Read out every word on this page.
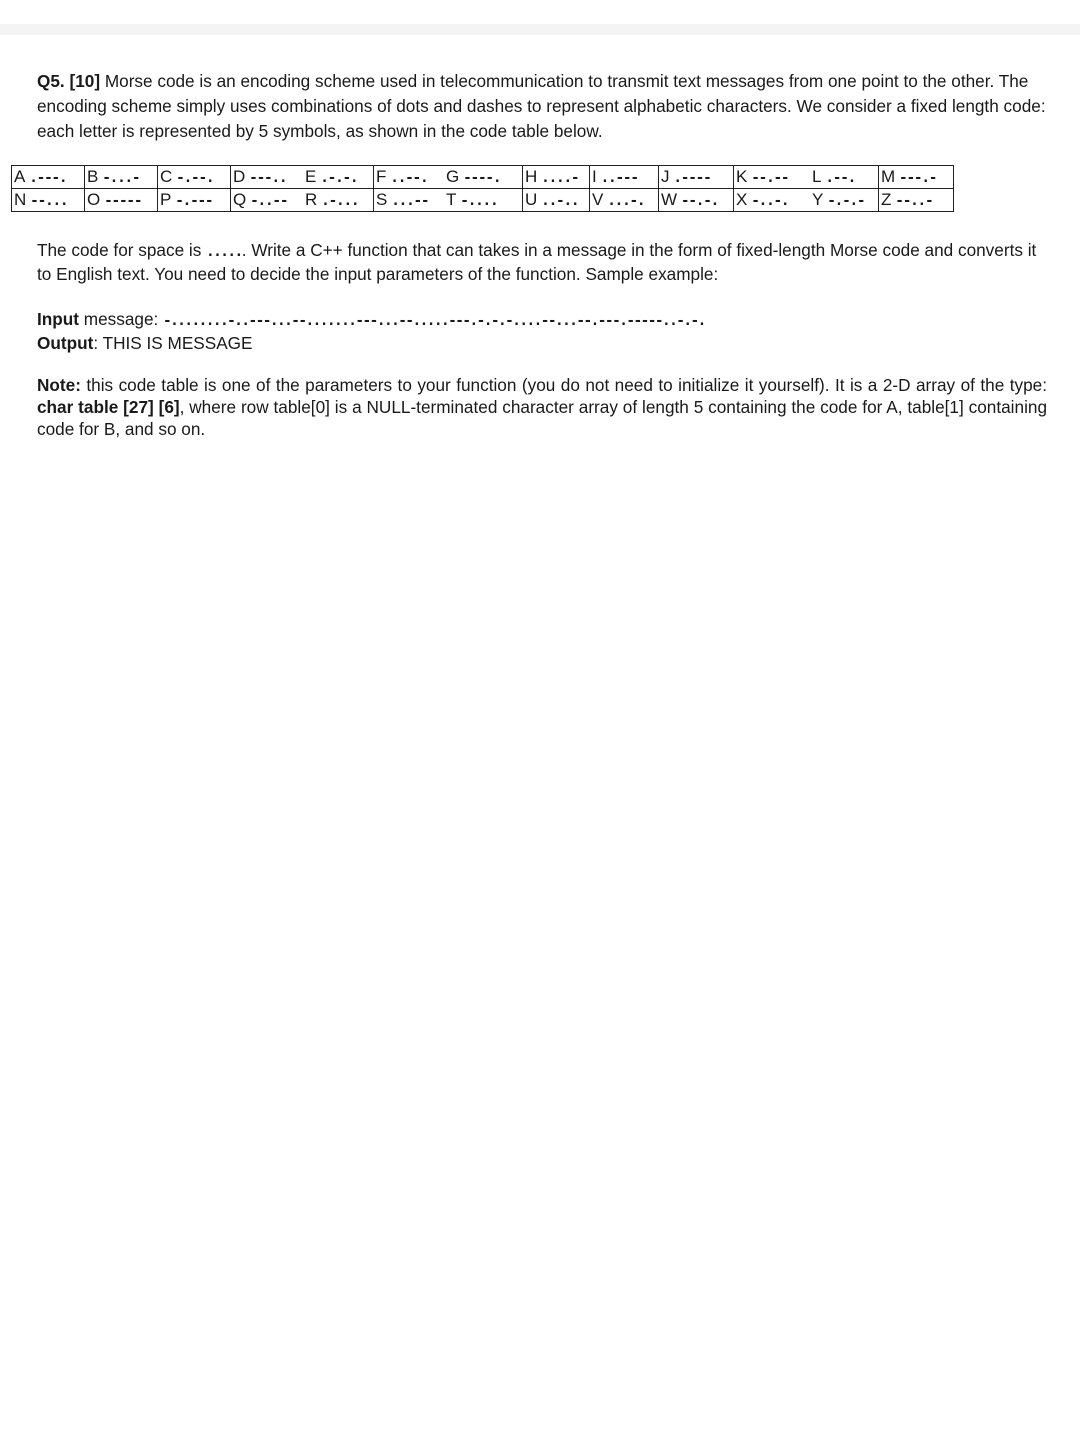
Q5. [10] Morse code is an encoding scheme used in telecommunication to transmit text messages from one point to the other. The encoding scheme simply uses combinations of dots and dashes to represent alphabetic characters. We consider a fixed length code: each letter is represented by 5 symbols, as shown in the code table below.

A .---.	B -...-	C -.--.	D ---..	E .-.-.	F ..--.	G ----.	H ....-	I ..---	J .----	K --.--	L .--.	M ---.-
N --...	O -----	P -.---	Q -..--	R .-...	S ...--	T -....	U ..-..	V ...-.	W --.-.	X -..-.	Y -.-.-	Z --..-

The code for space is ...... Write a C++ function that can takes in a message in the form of fixed-length Morse code and converts it to English text. You need to decide the input parameters of the function. Sample example:

Input message: -........-..---...--.......---...--.....---.-.-.-....--...--.---.-----..-.-.
Output: THIS IS MESSAGE

Note: this code table is one of the parameters to your function (you do not need to initialize it yourself). It is a 2-D array of the type: char table [27] [6], where row table[0] is a NULL-terminated character array of length 5 containing the code for A, table[1] containing code for B, and so on.
